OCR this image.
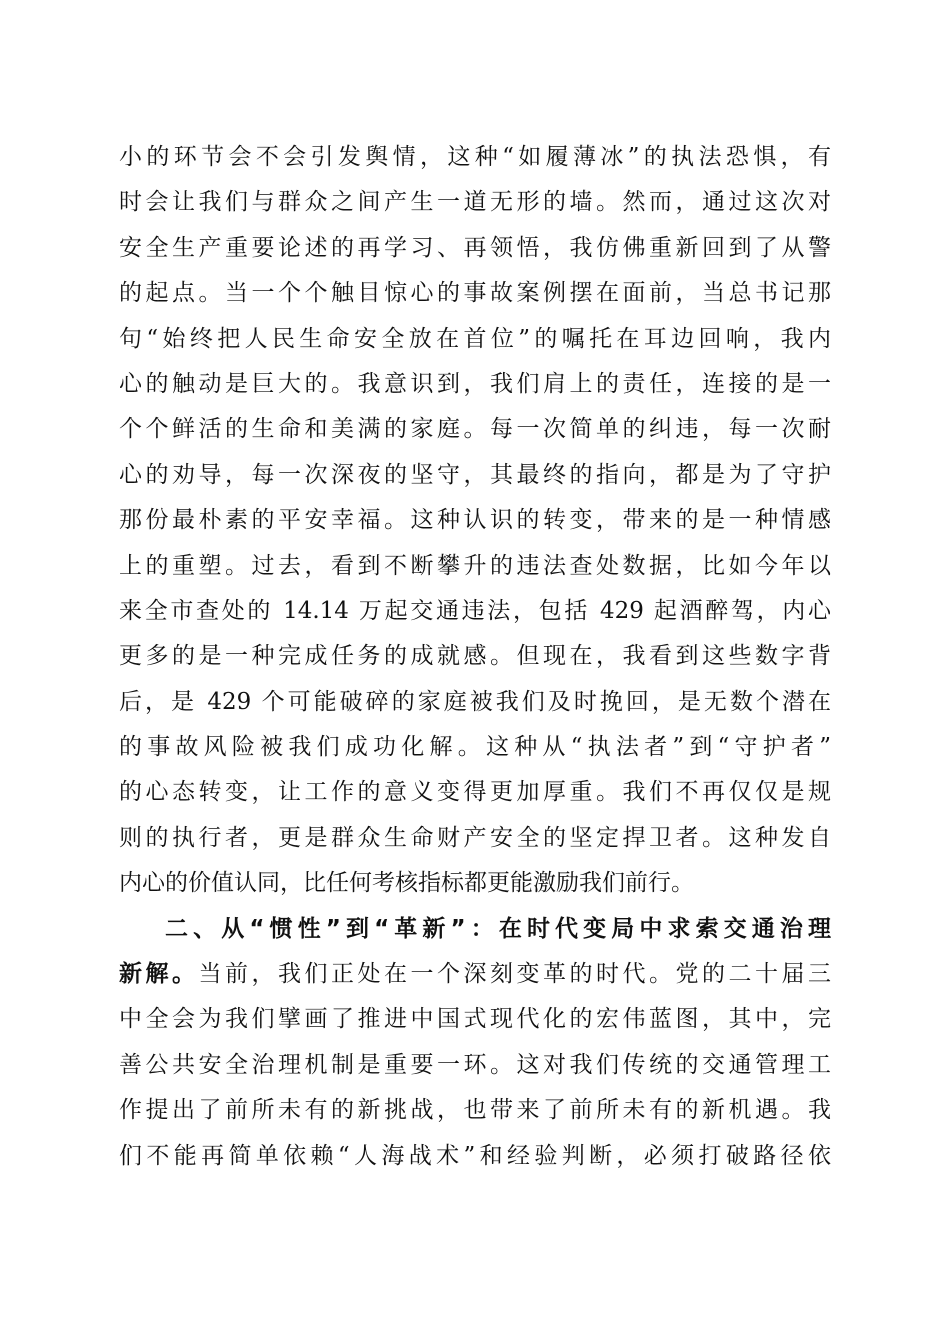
小的环节会不会引发舆情，这种“如履薄冰”的执法恐惧，有
时会让我们与群众之间产生一道无形的墙。然而，通过这次对
安全生产重要论述的再学习、再领悟，我仿佛重新回到了从警
的起点。当一个个触目惊心的事故案例摆在面前，当总书记那
句“始终把人民生命安全放在首位”的嘱托在耳边回响，我内
心的触动是巨大的。我意识到，我们肩上的责任，连接的是一
个个鲜活的生命和美满的家庭。每一次简单的纠违，每一次耐
心的劝导，每一次深夜的坚守，其最终的指向，都是为了守护
那份最朴素的平安幸福。这种认识的转变，带来的是一种情感
上的重塑。过去，看到不断攀升的违法查处数据，比如今年以
来全市查处的 14.14 万起交通违法，包括 429 起酒醉驾，内心
更多的是一种完成任务的成就感。但现在，我看到这些数字背
后，是 429 个可能破碎的家庭被我们及时挽回，是无数个潜在
的事故风险被我们成功化解。这种从“执法者”到“守护者”
的心态转变，让工作的意义变得更加厚重。我们不再仅仅是规
则的执行者，更是群众生命财产安全的坚定捍卫者。这种发自
内心的价值认同，比任何考核指标都更能激励我们前行。
二、从“惯性”到“革新”：在时代变局中求索交通治理
新解。当前，我们正处在一个深刻变革的时代。党的二十届三
中全会为我们擘画了推进中国式现代化的宏伟蓝图，其中，完
善公共安全治理机制是重要一环。这对我们传统的交通管理工
作提出了前所未有的新挑战，也带来了前所未有的新机遇。我
们不能再简单依赖“人海战术”和经验判断，必须打破路径依
